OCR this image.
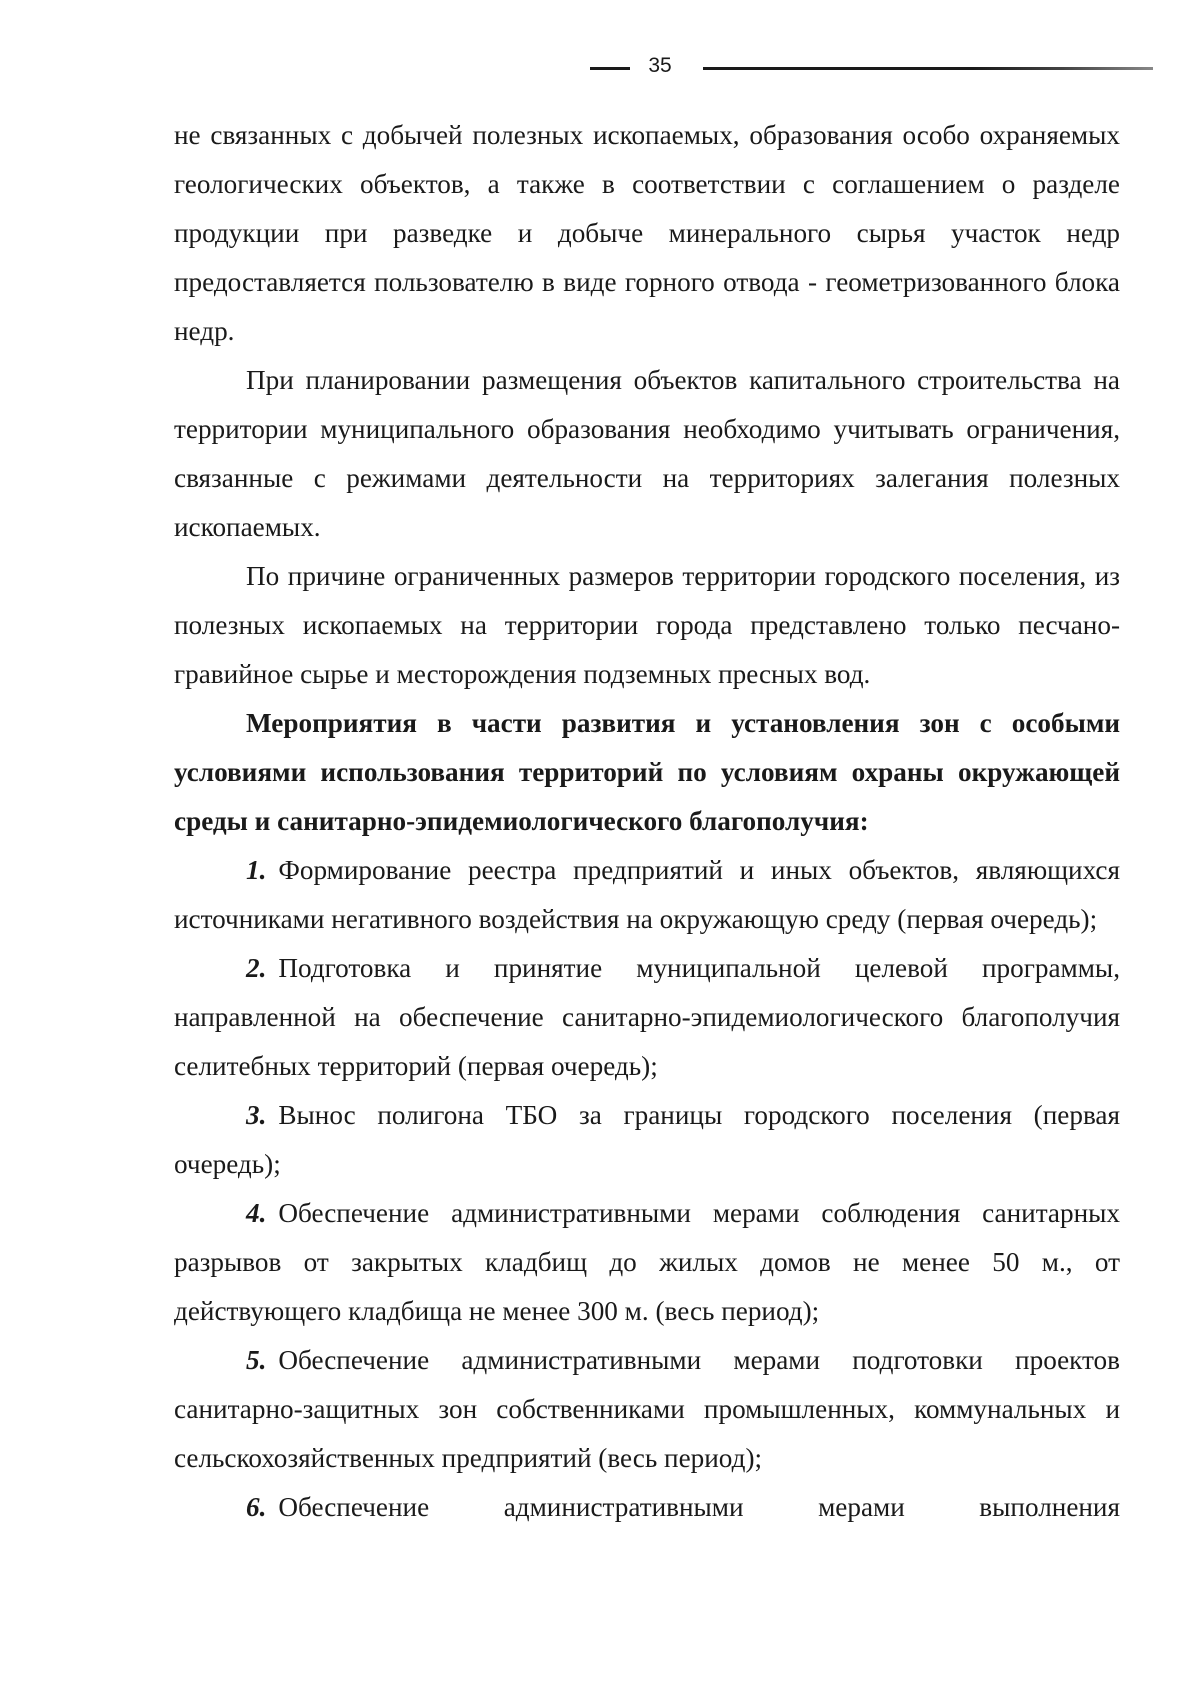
35

не связанных с добычей полезных ископаемых, образования особо охраняемых геологических объектов, а также в соответствии с соглашением о разделе продукции при разведке и добыче минерального сырья участок недр предоставляется пользователю в виде горного отвода - геометризованного блока недр.

При планировании размещения объектов капитального строительства на территории муниципального образования необходимо учитывать ограничения, связанные с режимами деятельности на территориях залегания полезных ископаемых.

По причине ограниченных размеров территории городского поселения, из полезных ископаемых на территории города представлено только песчано-гравийное сырье и месторождения подземных пресных вод.

Мероприятия в части развития и установления зон с особыми условиями использования территорий по условиям охраны окружающей среды и санитарно-эпидемиологического благополучия:

1. Формирование реестра предприятий и иных объектов, являющихся источниками негативного воздействия на окружающую среду (первая очередь);

2. Подготовка и принятие муниципальной целевой программы, направленной на обеспечение санитарно-эпидемиологического благополучия селитебных территорий (первая очередь);

3. Вынос полигона ТБО за границы городского поселения (первая очередь);

4. Обеспечение административными мерами соблюдения санитарных разрывов от закрытых кладбищ до жилых домов не менее 50 м., от действующего кладбища не менее 300 м. (весь период);

5. Обеспечение административными мерами подготовки проектов санитарно-защитных зон собственниками промышленных, коммунальных и сельскохозяйственных предприятий (весь период);

6. Обеспечение административными мерами выполнения
